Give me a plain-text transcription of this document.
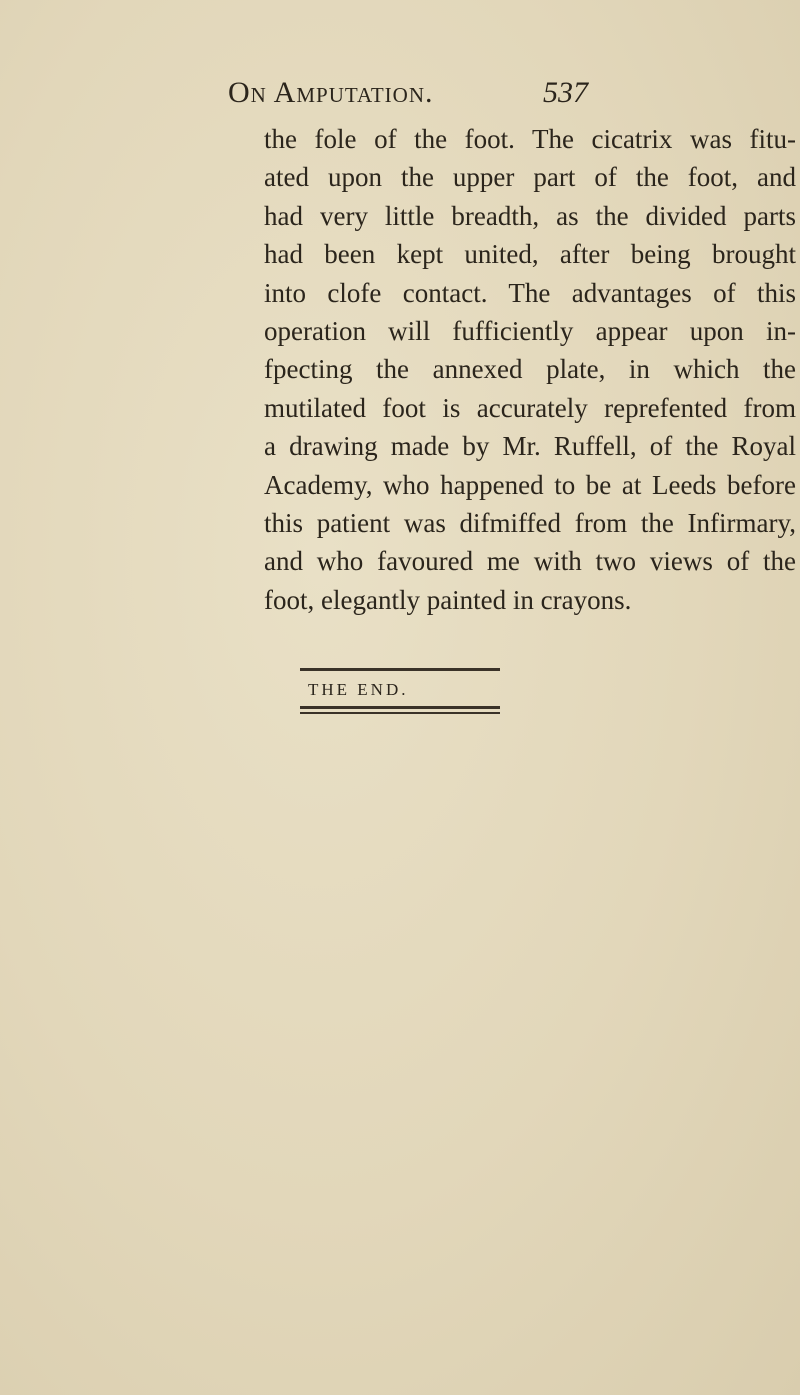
On Amputation.	537
the fole of the foot. The cicatrix was fitu-
ated upon the upper part of the foot, and
had very little breadth, as the divided parts
had been kept united, after being brought
into clofe contact. The advantages of this
operation will fufficiently appear upon in-
fpecting the annexed plate, in which the
mutilated foot is accurately reprefented from
a drawing made by Mr. Ruffell, of the Royal
Academy, who happened to be at Leeds before
this patient was difmiffed from the Infirmary,
and who favoured me with two views of the
foot, elegantly painted in crayons.
THE END.
